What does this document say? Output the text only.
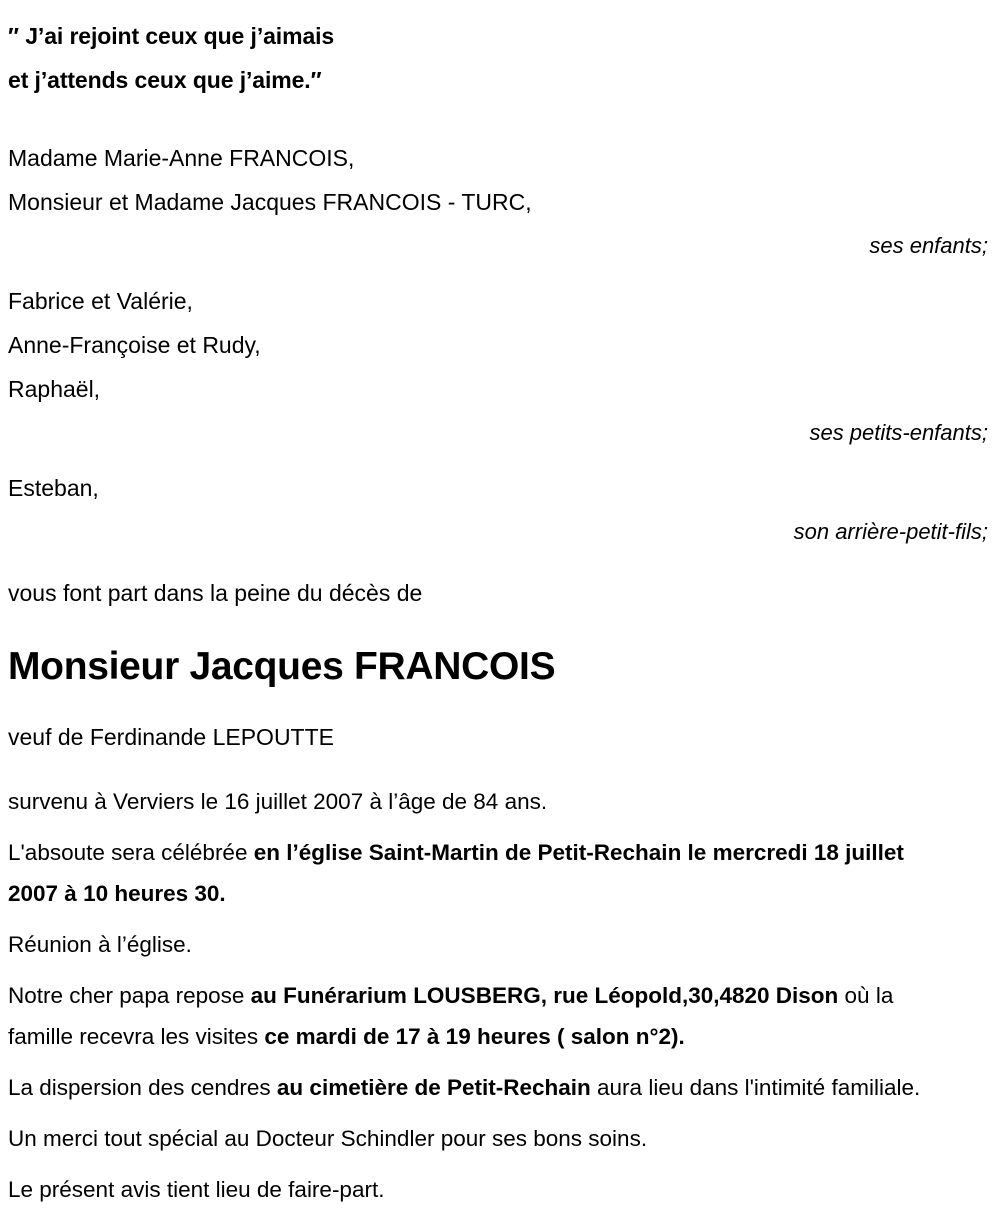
″ J’ai rejoint ceux que j’aimais
et j’attends ceux que j’aime.″
Madame Marie-Anne FRANCOIS,
Monsieur et Madame Jacques FRANCOIS - TURC,
ses enfants;
Fabrice et Valérie,
Anne-Françoise et Rudy,
Raphaël,
ses petits-enfants;
Esteban,
son arrière-petit-fils;
vous font part dans la peine du décès de
Monsieur Jacques FRANCOIS
veuf de Ferdinande LEPOUTTE

survenu à Verviers le 16 juillet 2007 à l’âge de 84 ans.

L'absoute sera célébrée en l’église Saint-Martin de Petit-Rechain le mercredi 18 juillet 2007 à 10 heures 30.

Réunion à l’église.

Notre cher papa repose au Funérarium LOUSBERG, rue Léopold,30,4820 Dison où la famille recevra les visites ce mardi de 17 à 19 heures ( salon n°2).

La dispersion des cendres au cimetière de Petit-Rechain aura lieu dans l'intimité familiale.

Un merci tout spécial au Docteur Schindler pour ses bons soins.

Le présent avis tient lieu de faire-part.
